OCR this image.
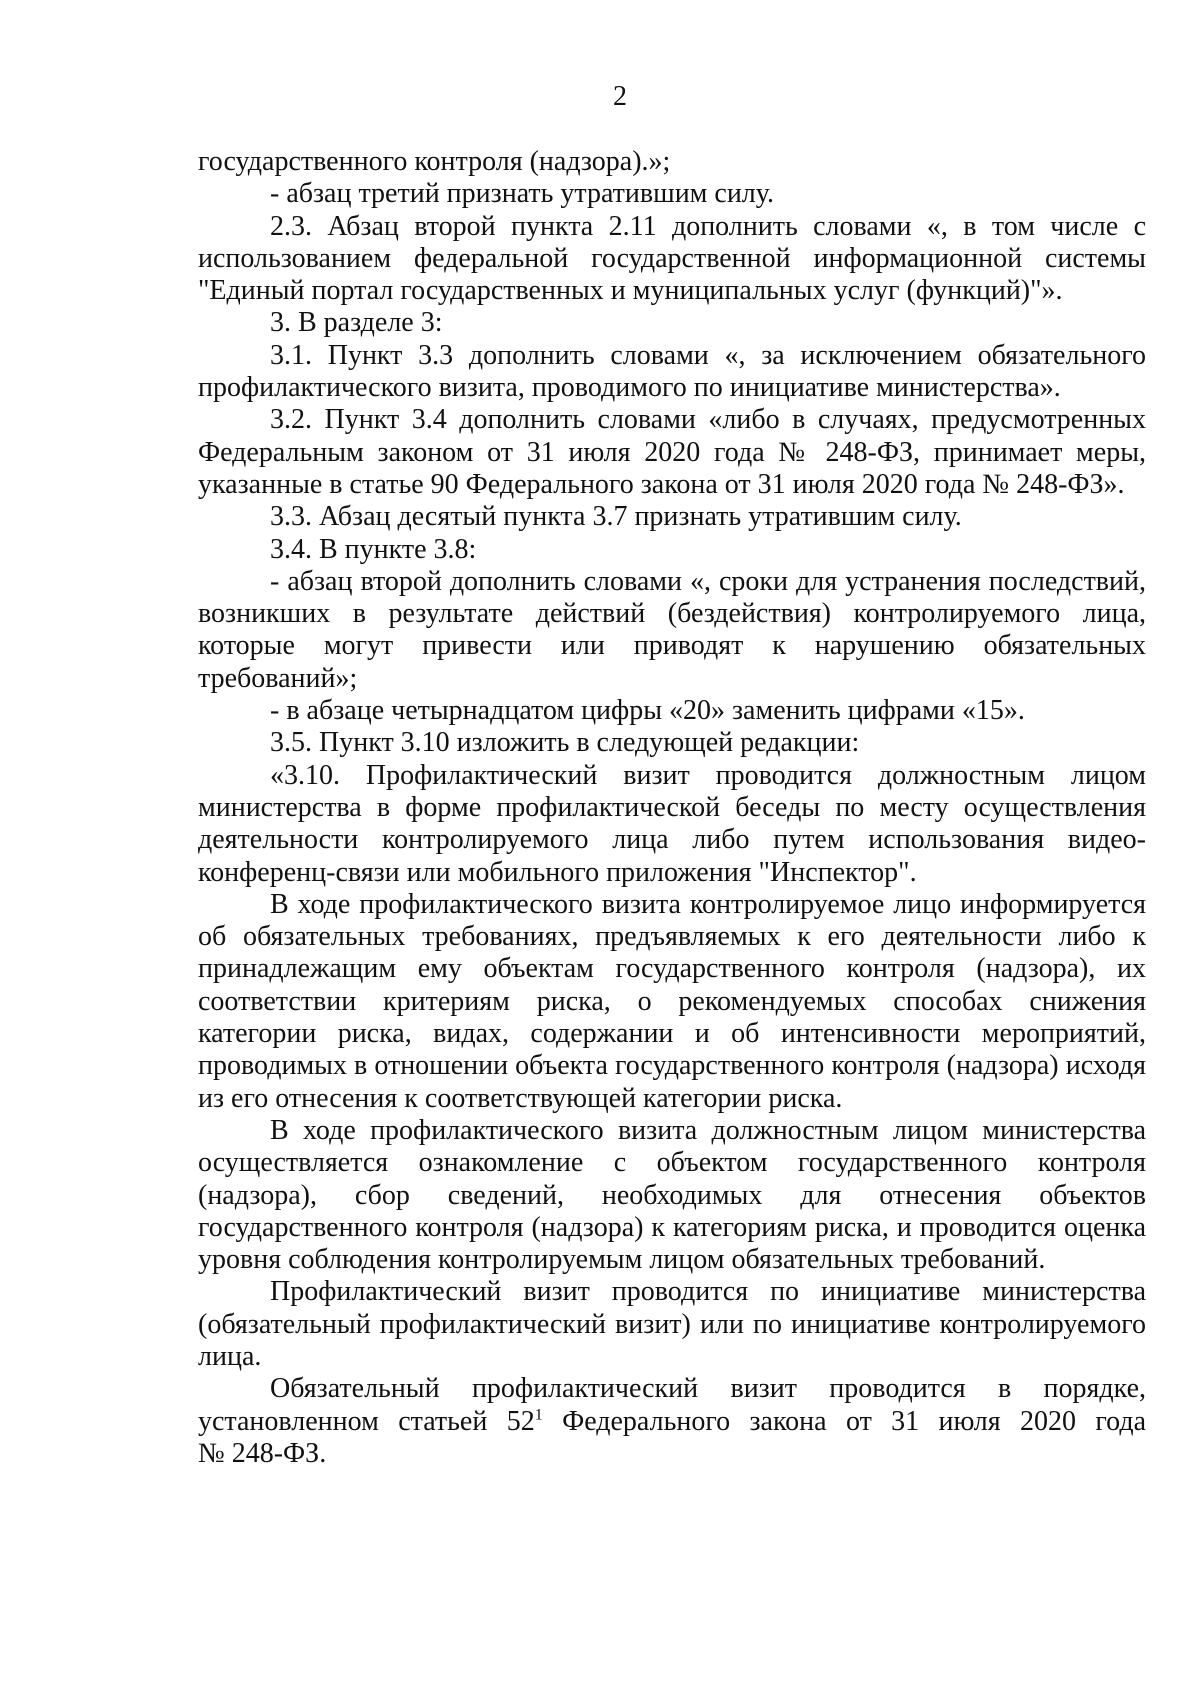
2

государственного контроля (надзора).»;

- абзац третий признать утратившим силу.

2.3. Абзац второй пункта 2.11 дополнить словами «, в том числе с использованием федеральной государственной информационной системы "Единый портал государственных и муниципальных услуг (функций)"».

3. В разделе 3:

3.1. Пункт 3.3 дополнить словами «, за исключением обязательного профилактического визита, проводимого по инициативе министерства».

3.2. Пункт 3.4 дополнить словами «либо в случаях, предусмотренных Федеральным законом от 31 июля 2020 года № 248-ФЗ, принимает меры, указанные в статье 90 Федерального закона от 31 июля 2020 года № 248-ФЗ».

3.3. Абзац десятый пункта 3.7 признать утратившим силу.

3.4. В пункте 3.8:

- абзац второй дополнить словами «, сроки для устранения последствий, возникших в результате действий (бездействия) контролируемого лица, которые могут привести или приводят к нарушению обязательных требований»;

- в абзаце четырнадцатом цифры «20» заменить цифрами «15».

3.5. Пункт 3.10 изложить в следующей редакции:

«3.10. Профилактический визит проводится должностным лицом министерства в форме профилактической беседы по месту осуществления деятельности контролируемого лица либо путем использования видео-конференц-связи или мобильного приложения "Инспектор".

В ходе профилактического визита контролируемое лицо информируется об обязательных требованиях, предъявляемых к его деятельности либо к принадлежащим ему объектам государственного контроля (надзора), их соответствии критериям риска, о рекомендуемых способах снижения категории риска, видах, содержании и об интенсивности мероприятий, проводимых в отношении объекта государственного контроля (надзора) исходя из его отнесения к соответствующей категории риска.

В ходе профилактического визита должностным лицом министерства осуществляется ознакомление с объектом государственного контроля (надзора), сбор сведений, необходимых для отнесения объектов государственного контроля (надзора) к категориям риска, и проводится оценка уровня соблюдения контролируемым лицом обязательных требований.

Профилактический визит проводится по инициативе министерства (обязательный профилактический визит) или по инициативе контролируемого лица.

Обязательный профилактический визит проводится в порядке, установленном статьей $52^1$ Федерального закона от 31 июля 2020 года

№ 248-ФЗ.
